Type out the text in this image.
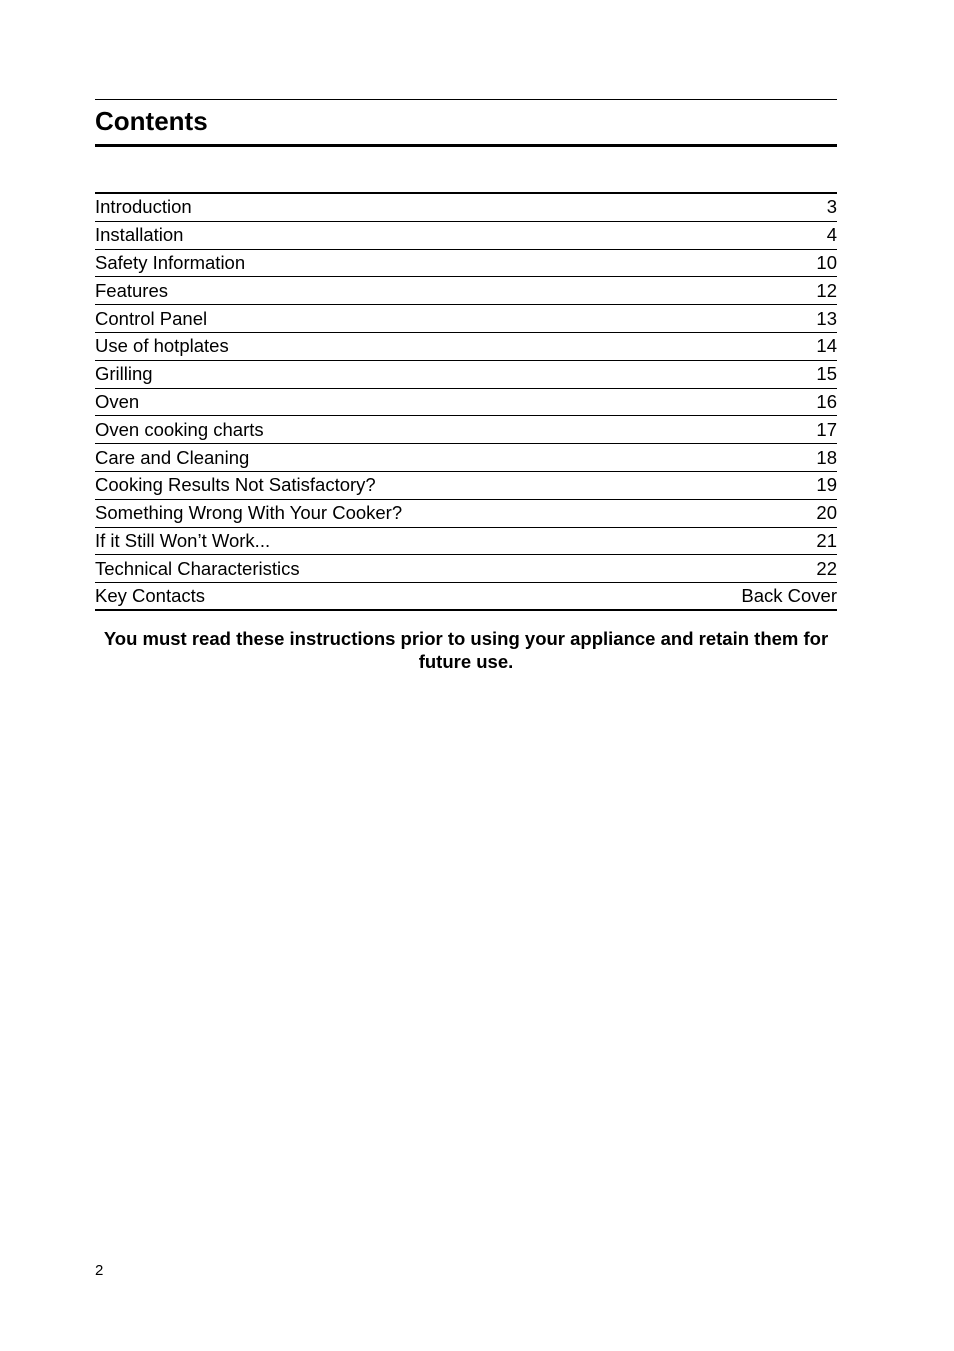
Contents
Introduction	3
Installation	4
Safety Information	10
Features	12
Control Panel	13
Use of hotplates	14
Grilling	15
Oven	16
Oven cooking charts	17
Care and Cleaning	18
Cooking Results Not Satisfactory?	19
Something Wrong With Your Cooker?	20
If it Still Won’t Work...	21
Technical Characteristics	22
Key Contacts	Back Cover
You must read these instructions prior to using your appliance and retain them for future use.
2
